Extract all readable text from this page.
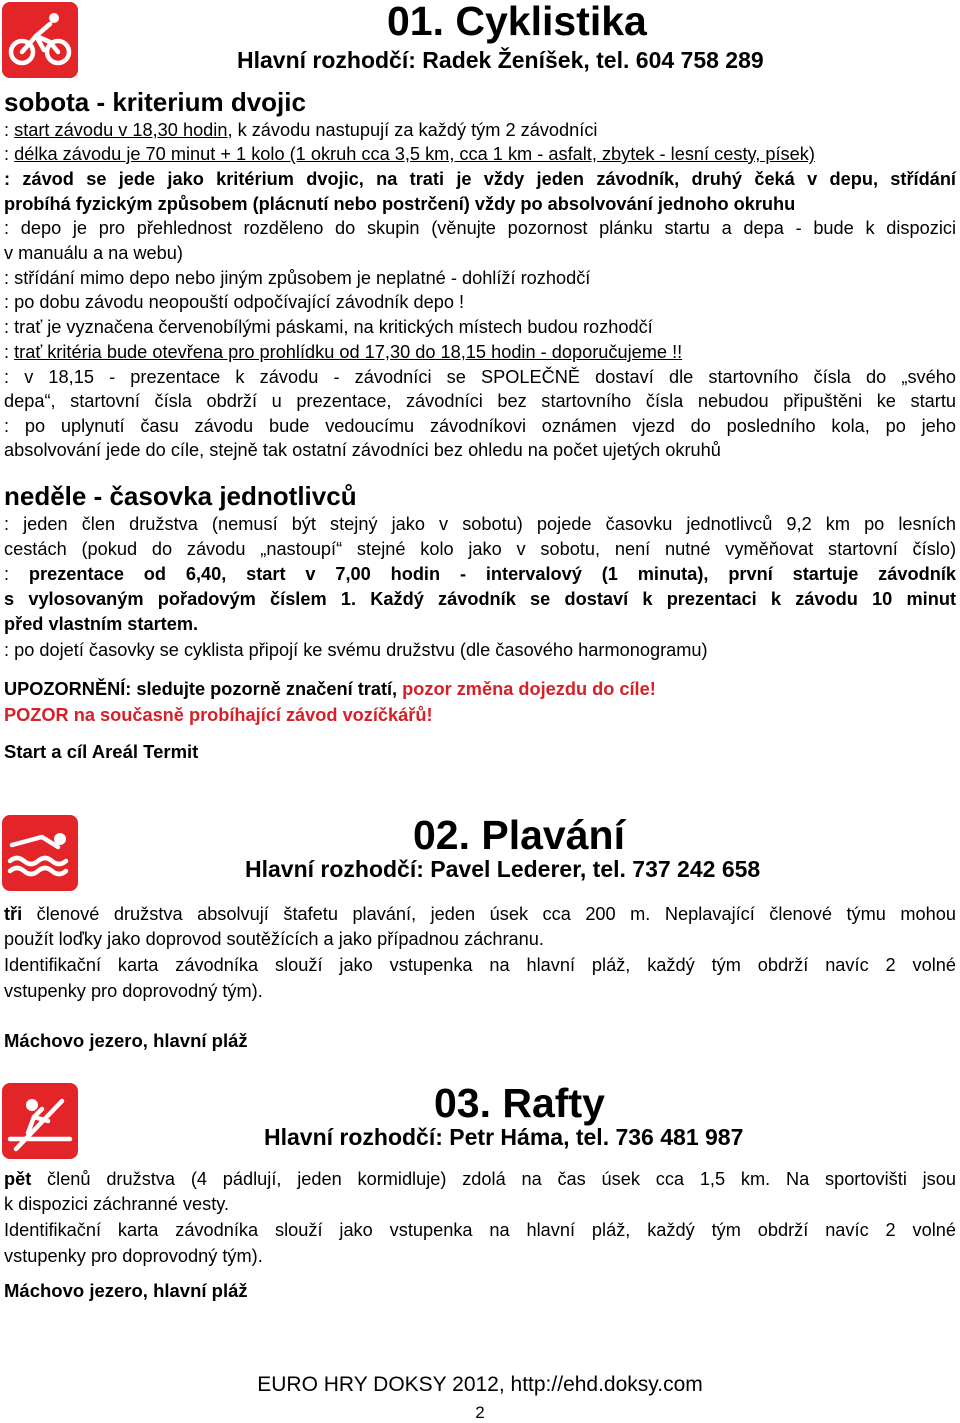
01. Cyklistika
Hlavní rozhodčí: Radek Ženíšek, tel. 604 758 289
sobota - kriterium dvojic
: start závodu v 18,30 hodin, k závodu nastupují za každý tým 2 závodníci
: délka závodu je 70 minut + 1 kolo (1 okruh cca 3,5 km, cca 1 km - asfalt, zbytek - lesní cesty, písek)
: závod se jede jako kritérium dvojic, na trati je vždy jeden závodník, druhý čeká v depu, střídání
probíhá fyzickým způsobem (plácnutí nebo postrčení) vždy po absolvování jednoho okruhu
: depo je pro přehlednost rozděleno do skupin (věnujte pozornost plánku startu a depa - bude k dispozici
v manuálu a na webu)
: střídání mimo depo nebo jiným způsobem je neplatné - dohlíží rozhodčí
: po dobu závodu neopouští odpočívající závodník depo !
: trať je vyznačena červenobílými páskami, na kritických místech budou rozhodčí
: trať kritéria bude otevřena pro prohlídku od 17,30 do 18,15 hodin - doporučujeme !!
: v 18,15 - prezentace k závodu - závodníci se SPOLEČNĚ dostaví dle startovního čísla do „svého
depa“, startovní čísla obdrží u prezentace, závodníci bez startovního čísla nebudou připuštěni ke startu
: po uplynutí času závodu bude vedoucímu závodníkovi oznámen vjezd do posledního kola, po jeho
absolvování jede do cíle, stejně tak ostatní závodníci bez ohledu na počet ujetých okruhů
neděle - časovka jednotlivců
: jeden člen družstva (nemusí být stejný jako v sobotu) pojede časovku jednotlivců 9,2 km po lesních
cestách (pokud do závodu „nastoupí“ stejné kolo jako v sobotu, není nutné vyměňovat startovní číslo)
: prezentace od 6,40, start v 7,00 hodin - intervalový (1 minuta), první startuje závodník
s vylosovaným pořadovým číslem 1. Každý závodník se dostaví k prezentaci k závodu 10 minut
před vlastním startem.
: po dojetí časovky se cyklista připojí ke svému družstvu (dle časového harmonogramu)
UPOZORNĚNÍ: sledujte pozorně značení tratí, pozor změna dojezdu do cíle!
POZOR na současně probíhající závod vozíčkářů!
Start a cíl Areál Termit
02. Plavání
Hlavní rozhodčí: Pavel Lederer, tel. 737 242 658
tři členové družstva absolvují štafetu plavání, jeden úsek cca 200 m. Neplavající členové týmu mohou
použít loďky jako doprovod soutěžících a jako případnou záchranu.
Identifikační karta závodníka slouží jako vstupenka na hlavní pláž, každý tým obdrží navíc 2 volné
vstupenky pro doprovodný tým).
Máchovo jezero, hlavní pláž
03. Rafty
Hlavní rozhodčí: Petr Háma, tel. 736 481 987
pět členů družstva (4 pádlují, jeden kormidluje) zdolá na čas úsek cca 1,5 km. Na sportovišti jsou
k dispozici záchranné vesty.
Identifikační karta závodníka slouží jako vstupenka na hlavní pláž, každý tým obdrží navíc 2 volné
vstupenky pro doprovodný tým).
Máchovo jezero, hlavní pláž
EURO HRY DOKSY 2012, http://ehd.doksy.com
2
